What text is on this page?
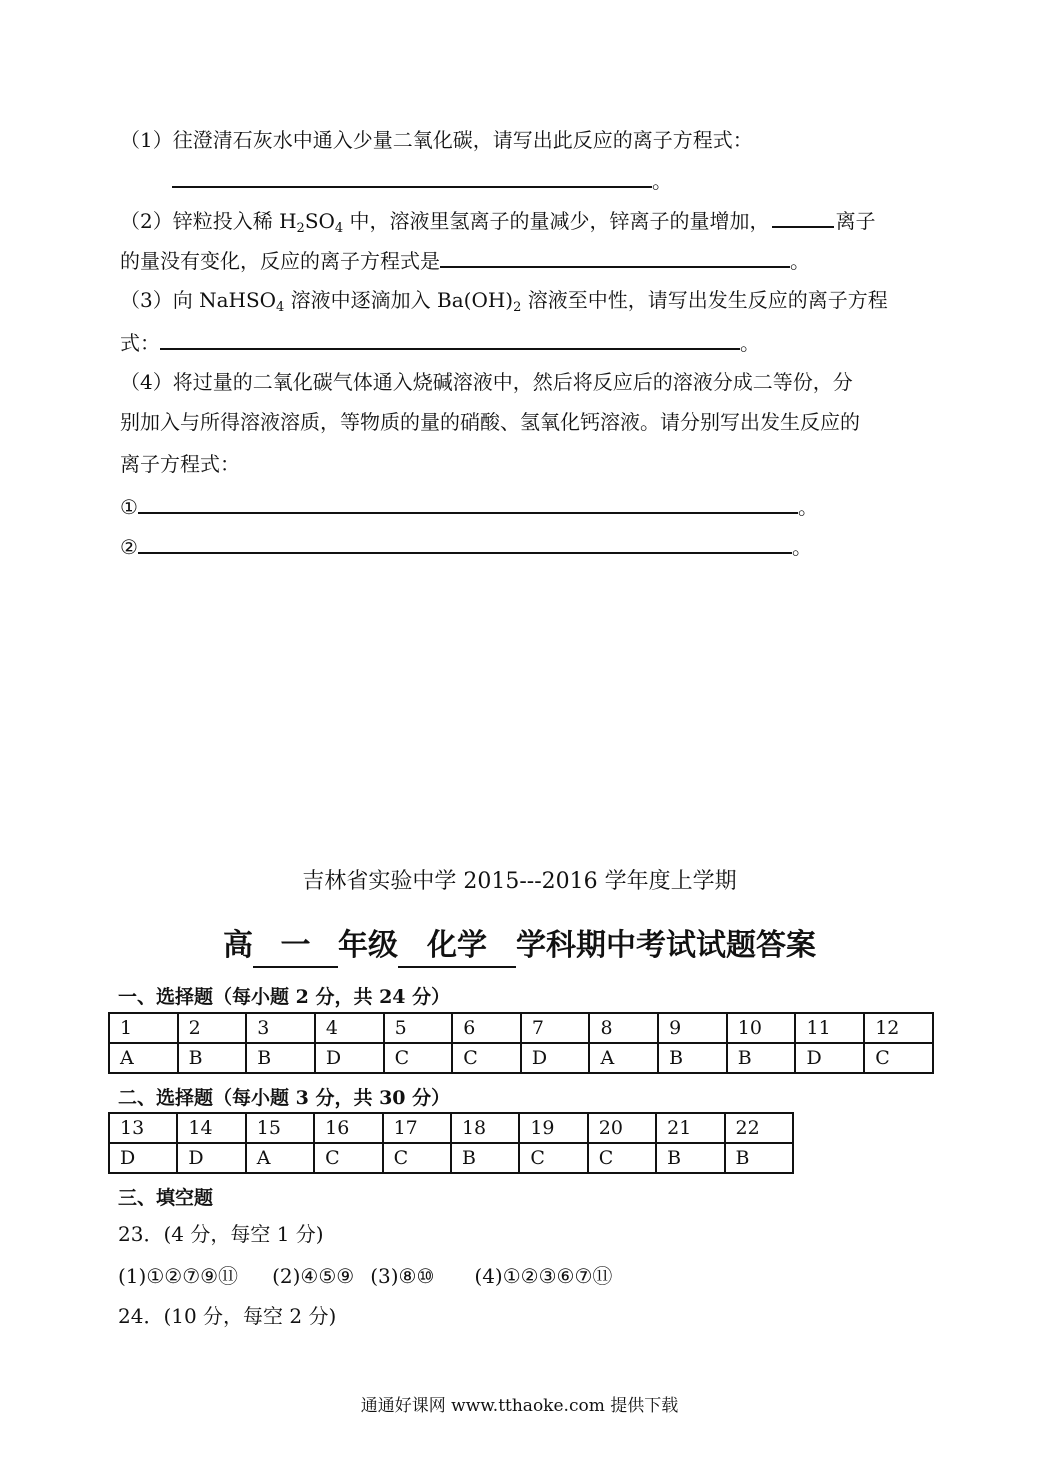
（1）往澄清石灰水中通入少量二氧化碳，请写出此反应的离子方程式：
。
（2）锌粒投入稀 $H_2SO_4$ 中，溶液里氢离子的量减少，锌离子的量增加，	离子
的量没有变化，反应的离子方程式是	。
（3）向 NaHSO$_4$ 溶液中逐滴加入 $Ba(OH)_2$ 溶液至中性，请写出发生反应的离子方程
式：	。
（4）将过量的二氧化碳气体通入烧碱溶液中，然后将反应后的溶液分成二等份，分
别加入与所得溶液溶质，等物质的量的硝酸、氢氧化钙溶液。请分别写出发生反应的
离子方程式：
①	。
②	。
吉林省实验中学 2015---2016 学年度上学期
高 一 年级 化学 学科期中考试试题答案
一、选择题（每小题 2 分，共 24 分）
1	2	3	4	5	6	7	8	9	10	11	12
A	B	B	D	C	C	D	A	B	B	D	C
二、选择题（每小题 3 分，共 30 分）
13	14	15	16	17	18	19	20	21	22
D	D	A	C	C	B	C	C	B	B
三、填空题
23．(4 分，每空 1 分)
(1)①②⑦⑨⑪ (2)④⑤⑨ (3)⑧⑩ (4)①②③⑥⑦⑪
24．(10 分，每空 2 分)
通通好课网 www.tthaoke.com 提供下载
